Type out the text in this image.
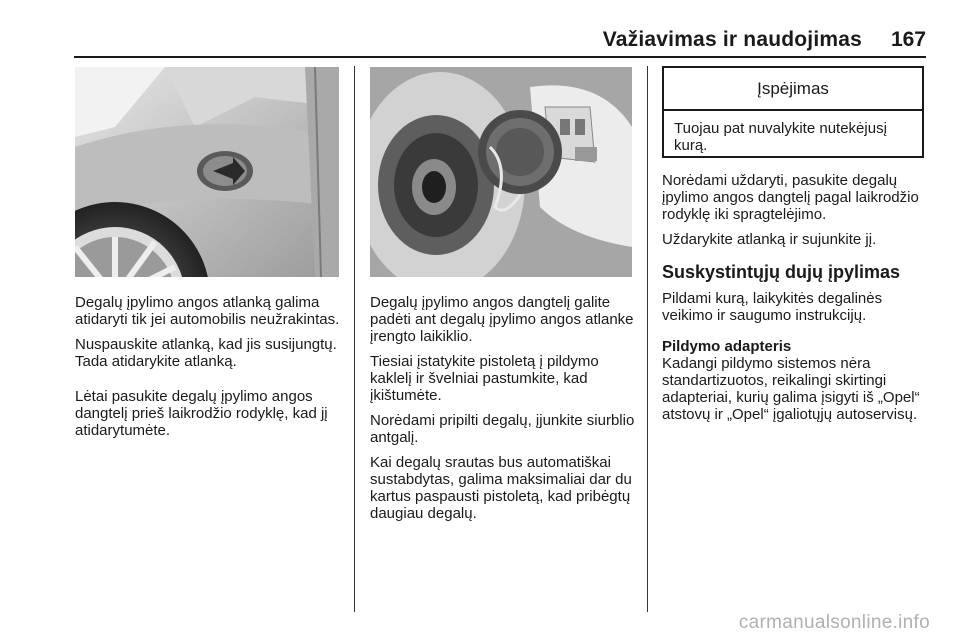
Važiavimas ir naudojimas	167

Degalų įpylimo angos atlanką galima atidaryti tik jei automobilis neužrakintas.

Nuspauskite atlanką, kad jis susijungtų. Tada atidarykite atlanką.

Lėtai pasukite degalų įpylimo angos dangtelį prieš laikrodžio rodyklę, kad jį atidarytumėte.

Degalų įpylimo angos dangtelį galite padėti ant degalų įpylimo angos atlanke įrengto laikiklio.

Tiesiai įstatykite pistoletą į pildymo kaklelį ir švelniai pastumkite, kad įkištumėte.

Norėdami pripilti degalų, įjunkite siurblio antgalį.

Kai degalų srautas bus automatiškai sustabdytas, galima maksimaliai dar du kartus paspausti pistoletą, kad pribėgtų daugiau degalų.

Įspėjimas
Tuojau pat nuvalykite nutekėjusį kurą.

Norėdami uždaryti, pasukite degalų įpylimo angos dangtelį pagal laikrodžio rodyklę iki spragtelėjimo.

Uždarykite atlanką ir sujunkite jį.

Suskystintųjų dujų įpylimas

Pildami kurą, laikykitės degalinės veikimo ir saugumo instrukcijų.

Pildymo adapteris

Kadangi pildymo sistemos nėra standartizuotos, reikalingi skirtingi adapteriai, kurių galima įsigyti iš „Opel“ atstovų ir „Opel“ įgaliotųjų autoservisų.

carmanualsonline.info
